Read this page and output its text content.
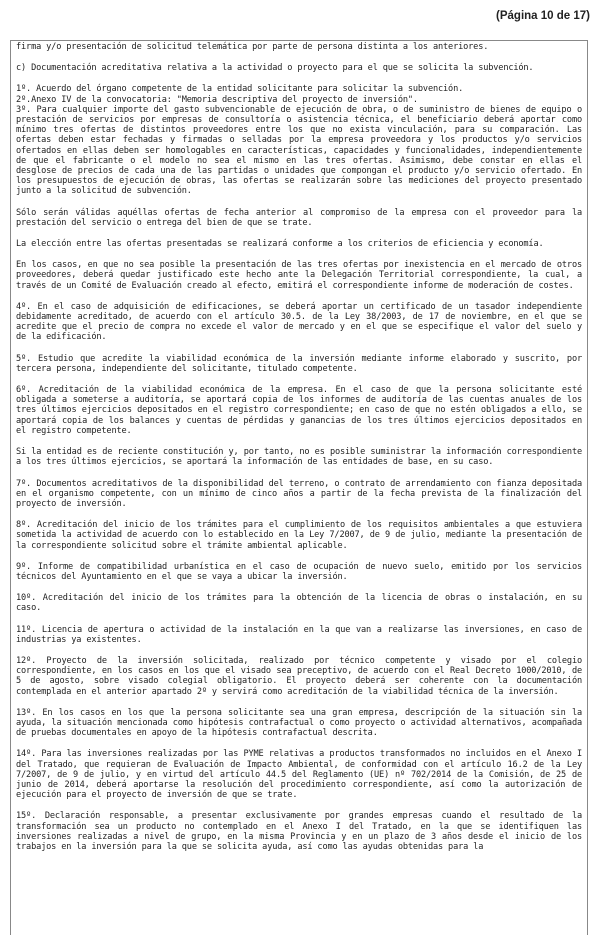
(Página 10 de 17)

firma y/o presentación de solicitud telemática por parte de persona distinta a los anteriores.

c) Documentación acreditativa relativa a la actividad o proyecto para el que se solicita la subvención.

1º. Acuerdo del órgano competente de la entidad solicitante para solicitar la subvención.

2º.Anexo IV de la convocatoria: "Memoria descriptiva del proyecto de inversión".

3º. Para cualquier importe del gasto subvencionable de ejecución de obra, o de suministro de bienes de equipo o prestación de servicios por empresas de consultoría o asistencia técnica, el beneficiario deberá aportar como mínimo tres ofertas de distintos proveedores entre los que no exista vinculación, para su comparación. Las ofertas deben estar fechadas y firmadas o selladas por la empresa proveedora y los productos y/o servicios ofertados en ellas deben ser homologables en características, capacidades y funcionalidades, independientemente de que el fabricante o el modelo no sea el mismo en las tres ofertas. Asimismo, debe constar en ellas el desglose de precios de cada una de las partidas o unidades que compongan el producto y/o servicio ofertado. En los presupuestos de ejecución de obras, las ofertas se realizarán sobre las mediciones del proyecto presentado junto a la solicitud de subvención.

Sólo serán válidas aquéllas ofertas de fecha anterior al compromiso de la empresa con el proveedor para la prestación del servicio o entrega del bien de que se trate.

La elección entre las ofertas presentadas se realizará conforme a los criterios de eficiencia y economía.

En los casos, en que no sea posible la presentación de las tres ofertas por inexistencia en el mercado de otros proveedores, deberá quedar justificado este hecho ante la Delegación Territorial correspondiente, la cual, a través de un Comité de Evaluación creado al efecto, emitirá el correspondiente informe de moderación de costes.

4º. En el caso de adquisición de edificaciones, se deberá aportar un certificado de un tasador independiente debidamente acreditado, de acuerdo con el artículo 30.5. de la Ley 38/2003, de 17 de noviembre, en el que se acredite que el precio de compra no excede el valor de mercado y en el que se especifique el valor del suelo y de la edificación.

5º. Estudio que acredite la viabilidad económica de la inversión mediante informe elaborado y suscrito, por tercera persona, independiente del solicitante, titulado competente.

6º. Acreditación de la viabilidad económica de la empresa. En el caso de que la persona solicitante esté obligada a someterse a auditoría, se aportará copia de los informes de auditoría de las cuentas anuales de los tres últimos ejercicios depositados en el registro correspondiente; en caso de que no estén obligados a ello, se aportará copia de los balances y cuentas de pérdidas y ganancias de los tres últimos ejercicios depositados en el registro competente.

Si la entidad es de reciente constitución y, por tanto, no es posible suministrar la información correspondiente a los tres últimos ejercicios, se aportará la información de las entidades de base, en su caso.

7º. Documentos acreditativos de la disponibilidad del terreno, o contrato de arrendamiento con fianza depositada en el organismo competente, con un mínimo de cinco años a partir de la fecha prevista de la finalización del proyecto de inversión.

8º. Acreditación del inicio de los trámites para el cumplimiento de los requisitos ambientales a que estuviera sometida la actividad de acuerdo con lo establecido en la Ley 7/2007, de 9 de julio, mediante la presentación de la correspondiente solicitud sobre el trámite ambiental aplicable.

9º. Informe de compatibilidad urbanística en el caso de ocupación de nuevo suelo, emitido por los servicios técnicos del Ayuntamiento en el que se vaya a ubicar la inversión.

10º. Acreditación del inicio de los trámites para la obtención de la licencia de obras o instalación, en su caso.

11º. Licencia de apertura o actividad de la instalación en la que van a realizarse las inversiones, en caso de industrias ya existentes.

12º. Proyecto de la inversión solicitada, realizado por técnico competente y visado por el colegio correspondiente, en los casos en los que el visado sea preceptivo, de acuerdo con el Real Decreto 1000/2010, de 5 de agosto, sobre visado colegial obligatorio. El proyecto deberá ser coherente con la documentación contemplada en el anterior apartado 2º y servirá como acreditación de la viabilidad técnica de la inversión.

13º. En los casos en los que la persona solicitante sea una gran empresa, descripción de la situación sin la ayuda, la situación mencionada como hipótesis contrafactual o como proyecto o actividad alternativos, acompañada de pruebas documentales en apoyo de la hipótesis contrafactual descrita.

14º. Para las inversiones realizadas por las PYME relativas a productos transformados no incluidos en el Anexo I del Tratado, que requieran de Evaluación de Impacto Ambiental, de conformidad con el artículo 16.2 de la Ley 7/2007, de 9 de julio, y en virtud del artículo 44.5 del Reglamento (UE) nº 702/2014 de la Comisión, de 25 de junio de 2014, deberá aportarse la resolución del procedimiento correspondiente, así como la autorización de ejecución para el proyecto de inversión de que se trate.

15º. Declaración responsable, a presentar exclusivamente por grandes empresas cuando el resultado de la transformación sea un producto no contemplado en el Anexo I del Tratado, en la que se identifiquen las inversiones realizadas a nivel de grupo, en la misma Provincia y en un plazo de 3 años desde el inicio de los trabajos en la inversión para la que se solicita ayuda, así como las ayudas obtenidas para la
